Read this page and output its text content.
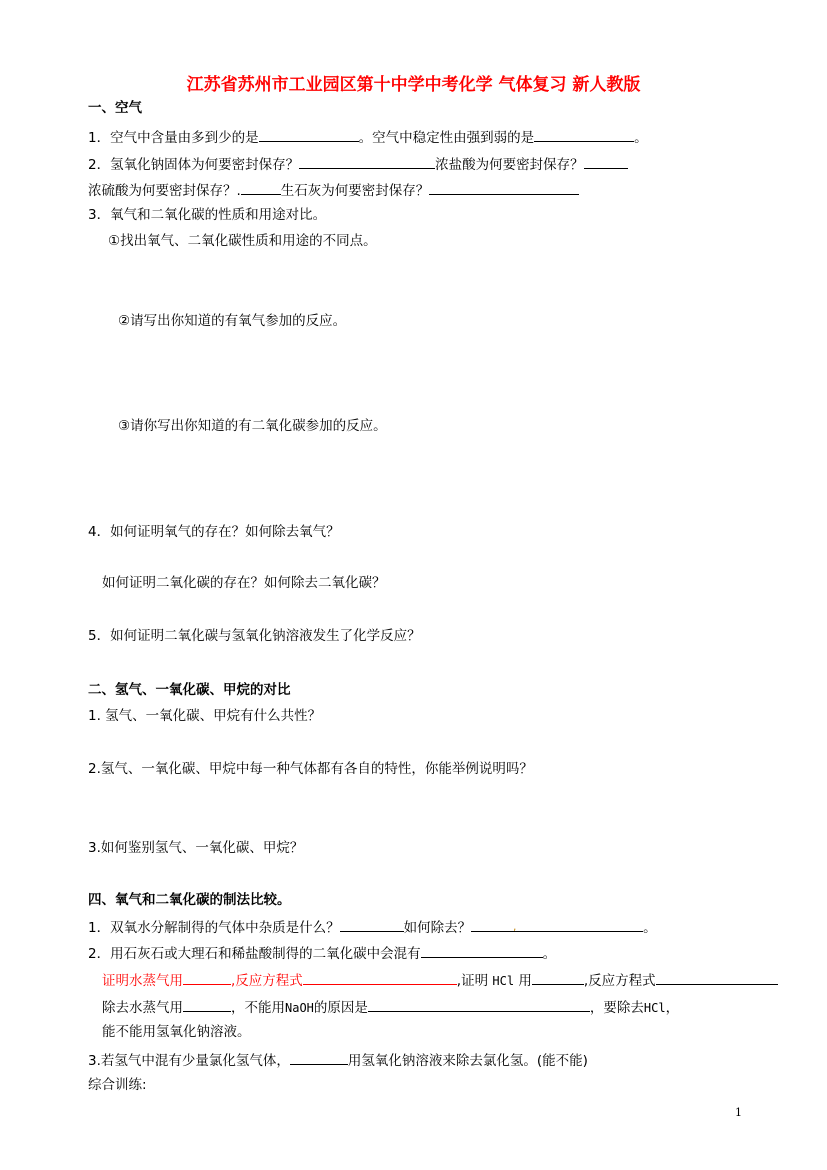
江苏省苏州市工业园区第十中学中考化学 气体复习 新人教版
一、空气
1．空气中含量由多到少的是	。空气中稳定性由强到弱的是	。
2．氢氧化钠固体为何要密封保存？	浓盐酸为何要密封保存？
浓硫酸为何要密封保存？.	生石灰为何要密封保存？
3．氧气和二氧化碳的性质和用途对比。
①找出氧气、二氧化碳性质和用途的不同点。
②请写出你知道的有氧气参加的反应。
③请你写出你知道的有二氧化碳参加的反应。
4．如何证明氧气的存在？如何除去氧气？
如何证明二氧化碳的存在？如何除去二氧化碳？
5．如何证明二氧化碳与氢氧化钠溶液发生了化学反应？
二、氢气、一氧化碳、甲烷的对比
1. 氢气、一氧化碳、甲烷有什么共性？
2.氢气、一氧化碳、甲烷中每一种气体都有各自的特性，你能举例说明吗？
3.如何鉴别氢气、一氧化碳、甲烷？
四、氧气和二氧化碳的制法比较。
1．双氧水分解制得的气体中杂质是什么？	如何除去？	,	。
2．用石灰石或大理石和稀盐酸制得的二氧化碳中会混有	。
证明水蒸气用	,反应方程式	,证明 HCl 用	,反应方程式
除去水蒸气用	，不能用NaOH的原因是	，要除去HCl，
能不能用氢氧化钠溶液。
3.若氢气中混有少量氯化氢气体，	用氢氧化钠溶液来除去氯化氢。(能不能)
综合训练:
1
